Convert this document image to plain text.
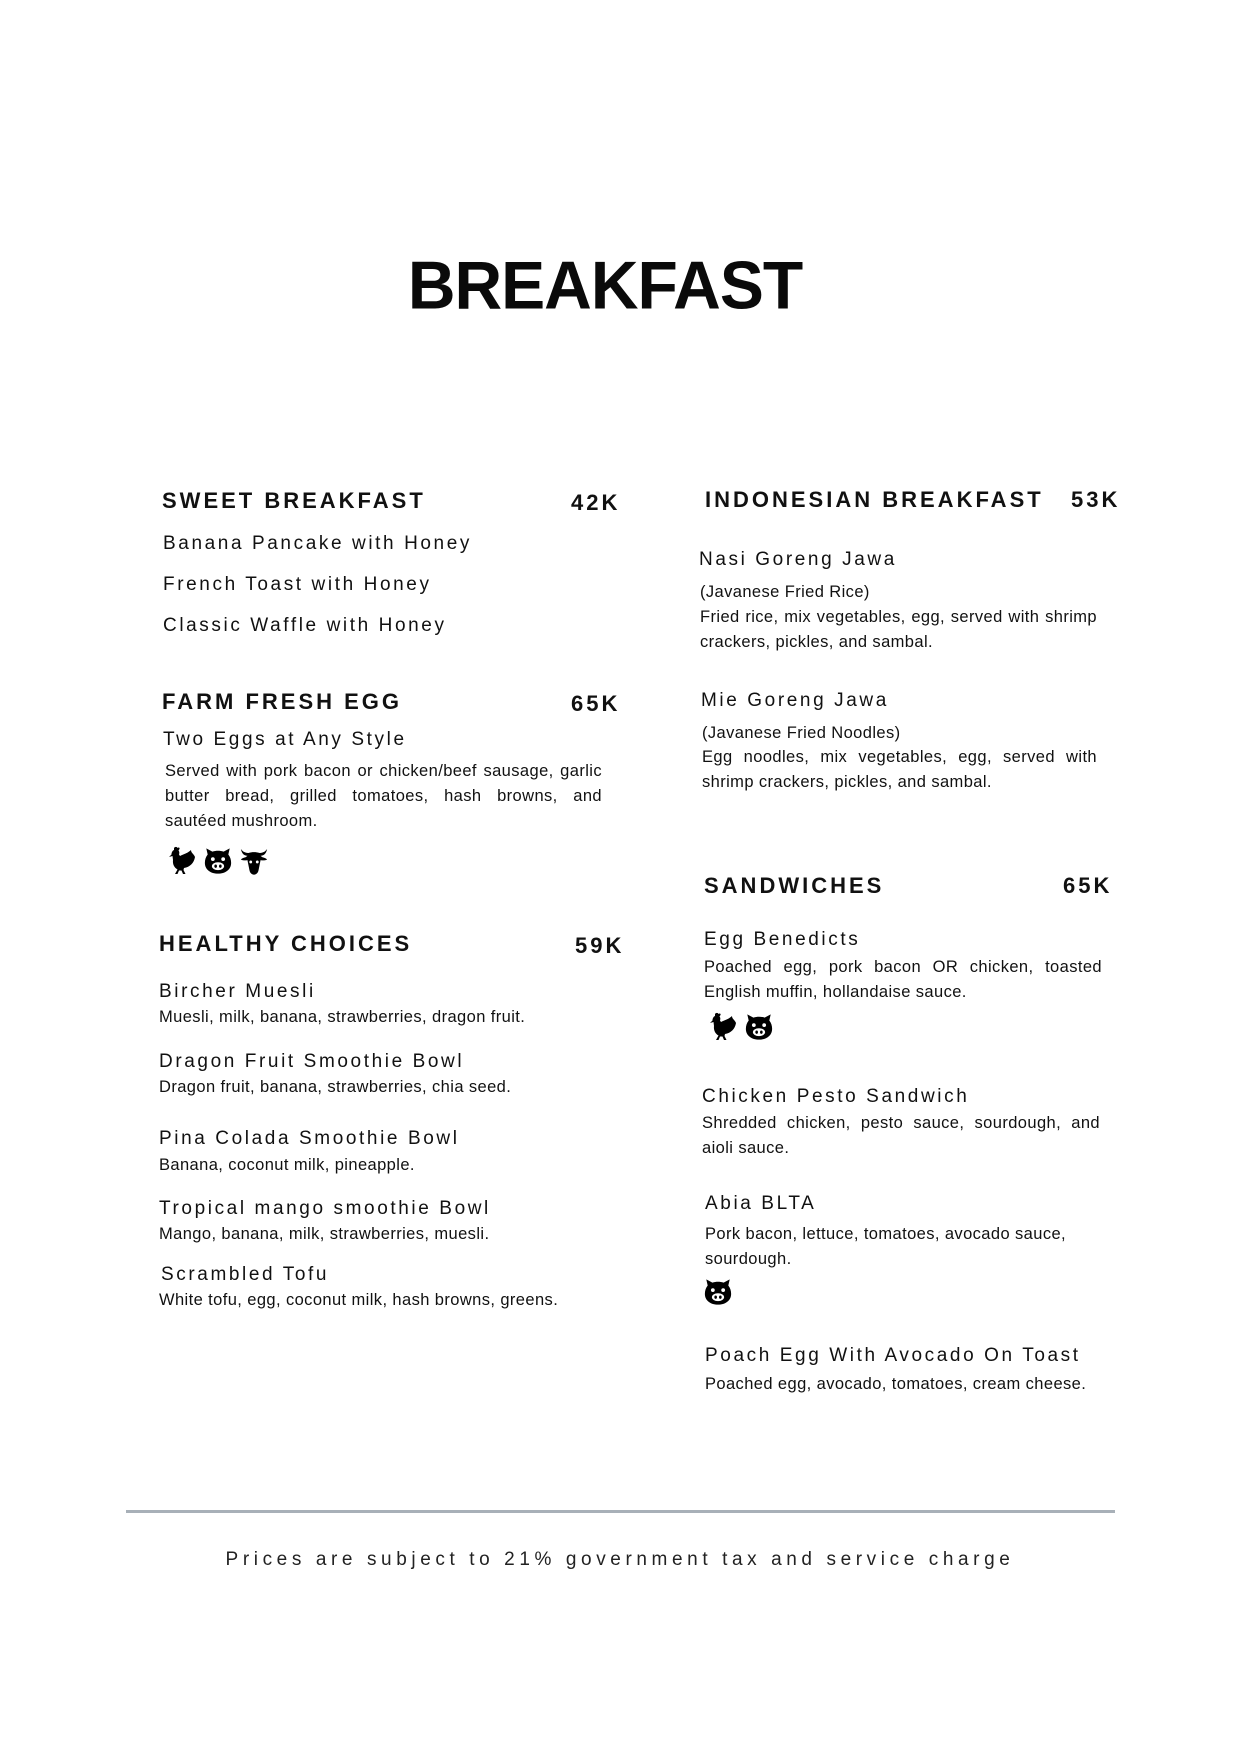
BREAKFAST
SWEET BREAKFAST	42K
Banana Pancake with Honey
French Toast with Honey
Classic Waffle with Honey
FARM FRESH EGG	65K
Two Eggs at Any Style
Served with pork bacon or chicken/beef sausage, garlic butter bread, grilled tomatoes, hash browns, and sautéed mushroom.
HEALTHY CHOICES	59K
Bircher Muesli
Muesli, milk, banana, strawberries, dragon fruit.
Dragon Fruit Smoothie Bowl
Dragon fruit, banana, strawberries, chia seed.
Pina Colada Smoothie Bowl
Banana, coconut milk, pineapple.
Tropical mango smoothie Bowl
Mango, banana, milk, strawberries, muesli.
Scrambled Tofu
White tofu, egg, coconut milk, hash browns, greens.
INDONESIAN BREAKFAST 53K
Nasi Goreng Jawa
(Javanese Fried Rice)
Fried rice, mix vegetables, egg, served with shrimp crackers, pickles, and sambal.
Mie Goreng Jawa
(Javanese Fried Noodles)
Egg noodles, mix vegetables, egg, served with shrimp crackers, pickles, and sambal.
SANDWICHES	65K
Egg Benedicts
Poached egg, pork bacon OR chicken, toasted English muffin, hollandaise sauce.
Chicken Pesto Sandwich
Shredded chicken, pesto sauce, sourdough, and aioli sauce.
Abia BLTA
Pork bacon, lettuce, tomatoes, avocado sauce, sourdough.
Poach Egg With Avocado On Toast
Poached egg, avocado, tomatoes, cream cheese.
Prices are subject to 21% government tax and service charge
